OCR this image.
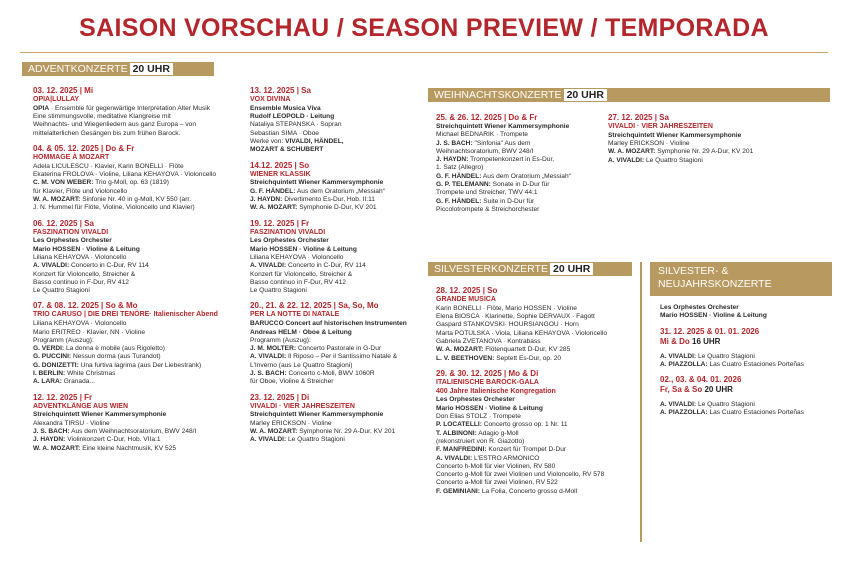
SAISON VORSCHAU / SEASON PREVIEW / TEMPORADA
ADVENTKONZERTE 20 UHR
WEIHNACHTSKONZERTE 20 UHR
SILVESTERKONZERTE 20 UHR	SILVESTER- & NEUJAHRSKONZERTE
03. 12. 2025 | Mi
OPIA|LULLAY
OPIA · Ensemble für gegenwärtige Interpretation Alter Musik
Eine stimmungsvolle, meditative Klangreise mit
Weihnachts- und Wiegenliedern aus ganz Europa – von
mittelalterlichen Gesängen bis zum frühen Barock.
04. & 05. 12. 2025 | Do & Fr
HOMMAGE À MOZART
Adela LICULESCU · Klavier, Karin BONELLI · Flöte
Ekaterina FROLOVA · Violine, Liliana KEHAYOVA · Violoncello
C. M. VON WEBER: Trio g-Moll, op. 63 (1819)
für Klavier, Flöte und Violoncello
W. A. MOZART: Sinfonie Nr. 40 in g-Moll, KV 550 (arr.
J. N. Hummel für Flöte, Violine, Violoncello und Klavier)
06. 12. 2025 | Sa
FASZINATION VIVALDI
Les Orphestes Orchester
Mario HOSSEN · Violine & Leitung
Liliana KEHAYOVA · Violoncello
A. VIVALDI: Concerto in C-Dur, RV 114
Konzert für Violoncello, Streicher &
Basso continuo in F-Dur, RV 412
Le Quattro Stagioni
07. & 08. 12. 2025 | So & Mo
TRIO CARUSO | DIE DREI TENÖRE· Italienischer Abend
Liliana KEHAYOVA · Violoncello
Mario ERITREO · Klavier, NN · Violine
Programm (Auszug):
G. VERDI: La donna è mobile (aus Rigoletto)
G. PUCCINI: Nessun dorma (aus Turandot)
G. DONIZETTI: Una furtiva lagrima (aus Der Liebestrank)
I. BERLIN: White Christmas
A. LARA: Granada...
12. 12. 2025 | Fr
ADVENTKLÄNGE AUS WIEN
Streichquintett Wiener Kammersymphonie
Alexandra TIRSU · Violine
J. S. BACH: Aus dem Weihnachtsoratorium, BWV 248/I
J. HAYDN: Violinkonzert C-Dur, Hob. VIIa:1
W. A. MOZART: Eine kleine Nachtmusik, KV 525
13. 12. 2025 | Sa
VOX DIVINA
Ensemble Musica Viva
Rudolf LEOPOLD · Leitung
Nataliya STEPANSKA · Sopran
Sebastian SIMA · Oboe
Werke von: VIVALDI, HÄNDEL,
MOZART & SCHUBERT
14.12. 2025 | So
WIENER KLASSIK
Streichquintett Wiener Kammersymphonie
G. F. HÄNDEL: Aus dem Oratorium „Messiah“
J. HAYDN: Divertimento Es-Dur, Hob. II:11
W. A. MOZART: Symphonie D-Dur, KV 201
19. 12. 2025 | Fr
FASZINATION VIVALDI
Les Orphestes Orchester
Mario HOSSEN · Violine & Leitung
Liliana KEHAYOVA · Violoncello
A. VIVALDI: Concerto in C-Dur, RV 114
Konzert für Violoncello, Streicher &
Basso continuo in F-Dur, RV 412
Le Quattro Stagioni
20., 21. & 22. 12. 2025 | Sa, So, Mo
PER LA NOTTE DI NATALE
BARUCCO Concert auf historischen Instrumenten
Andreas HELM · Oboe & Leitung
Programm (Auszug):
J. M. MOLTER: Concerto Pastorale in G-Dur
A. VIVALDI: Il Riposo – Per il Santissimo Natale &
L'Inverno (aus Le Quattro Stagioni)
J. S. BACH: Concerto c-Moll, BWV 1060R
für Oboe, Violine & Streicher
23. 12. 2025 | Di
VIVALDI · VIER JAHRESZEITEN
Streichquintett Wiener Kammersymphonie
Marley ERICKSON · Violine
W. A. MOZART: Symphonie Nr. 29 A-Dur, KV 201
A. VIVALDI: Le Quattro Stagioni
25. & 26. 12. 2025 | Do & Fr
Streichquintett Wiener Kammersymphonie
Michael BEDNARIK · Trompete
J. S. BACH: "Sinfonia" Aus dem
Weihnachtsoratorium, BWV 248/I
J. HAYDN: Trompetenkonzert in Es-Dur,
1. Satz (Allegro)
G. F. HÄNDEL: Aus dem Oratorium „Messiah“
G. P. TELEMANN: Sonate in D-Dur für
Trompete und Streicher, TWV 44:1
G. F. HÄNDEL: Suite in D-Dur für
Piccolotrompete & Streichorchester
27. 12. 2025 | Sa
VIVALDI · VIER JAHRESZEITEN
Streichquintett Wiener Kammersymphonie
Marley ERICKSON · Violine
W. A. MOZART: Symphonie Nr. 29 A-Dur, KV 201
A. VIVALDI: Le Quattro Stagioni
28. 12. 2025 | So
GRANDE MUSICA
Karin BONELLI · Flöte, Mario HOSSEN · Violine
Elena BIOSCA · Klarinette, Sophie DERVAUX · Fagott
Gaspard STANKOVSKI· HOURSIANGOU · Horn
Marta POTULSKA · Viola, Liliana KEHAYOVA · Violoncello
Gabriela ZVETANOVA · Kontrabass
W. A. MOZART: Flötenquartett D-Dur, KV 285
L. V. BEETHOVEN: Septett Es-Dur, op. 20
29. & 30. 12. 2025 | Mo & Di
ITALIENISCHE BAROCK-GALA
400 Jahre Italienische Kongregation
Les Orphestes Orchester
Mario HOSSEN · Violine & Leitung
Don Elias STOLZ · Trompete
P. LOCATELLI: Concerto grosso op. 1 Nr. 11
T. ALBINONI: Adagio g-Moll
(rekonstruiert von R. Giazotto)
F. MANFREDINI: Konzert für Trompet D-Dur
A. VIVALDI: L'ESTRO ARMONICO
Concerto h-Moll für vier Violinen, RV 580
Concerto g-Moll für zwei Violinen und Violoncello, RV 578
Concerto a-Moll für zwei Violinen, RV 522
F. GEMINIANI: La Folia, Concerto grosso d-Moll
Les Orphestes Orchester
Mario HOSSEN · Violine & Leitung
31. 12. 2025 & 01. 01. 2026
Mi & Do 16 UHR
A. VIVALDI: Le Quattro Stagioni
A. PIAZZOLLA: Las Cuatro Estaciones Porteñas
02., 03. & 04. 01. 2026
Fr, Sa & So 20 UHR
A. VIVALDI: Le Quattro Stagioni
A. PIAZZOLLA: Las Cuatro Estaciones Porteñas
